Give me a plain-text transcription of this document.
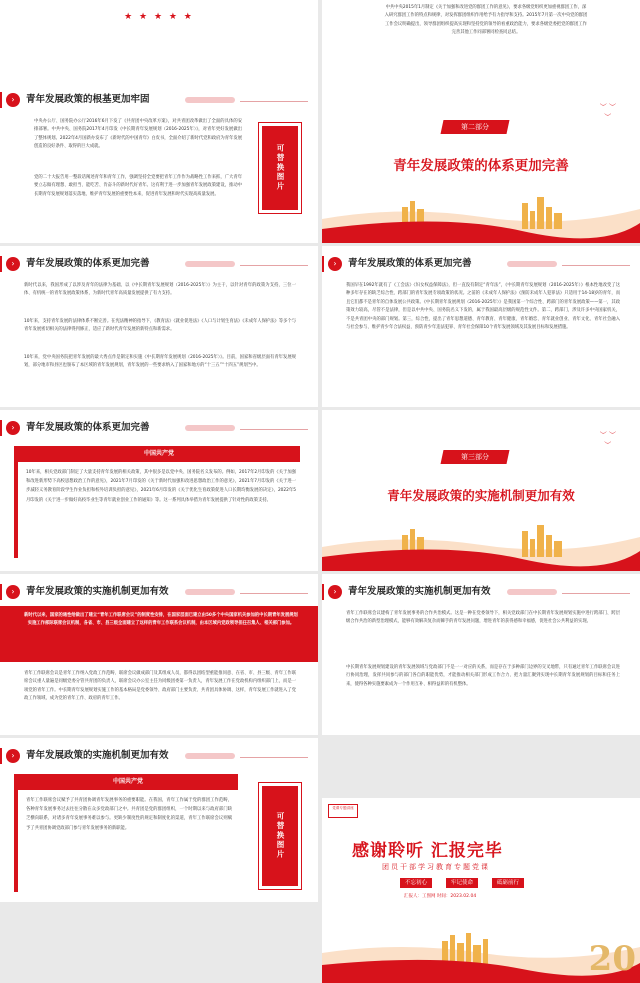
★ ★ ★ ★ ★
中共中央2015年1月制定《关于加强和改进党的群团工作的意见》，要求各级党组织更加重视群团工作，深
入研究群团工作的特点和规律，对发挥群团组织作用给予有力指导和支持。2015年7月第一次中央党的群团
工作会议明确提出，领导群团组织提高实现和坚持党的领导的看重政治能力，要求各级党委把党的群团工作
完善其他工作同部署同检查同总结。
›	青年发展政策的根基更加牢固
中央办公厅、国务院办公厅2016年6月下发了《共青团中央改革方案》，对共青团改革做出了全面的具体的安排部署。中共中央、国务院2017年4月印发《中长期青年发展规划（2016-2025年）》，对青年更好发展做出了整体规划。2022年4月国新办发布了《新时代的中国青年》白皮书，全面介绍了新时代党和政府为青年发展创造的良好条件、取得的巨大成就。
党的二十大报告用一整段话阐述青年和青年工作，强调坚持全党要把青年工作作为战略性工作来抓，广大青年要立志做有理想、敢担当、能吃苦、肯奋斗的新时代好青年。这有利于进一步加强青年发展政策建设，推动中长期青年发展规划落实落地，维护青年发展的重要性本来，促进青年发展和时代实现高质量发展。
可替换图片
︶ ︶
︶
第二部分
青年发展政策的体系更加完善
›	青年发展政策的体系更加完善
新时代以来，我国形成了以涉及青年的法律为基础、以《中长期青年发展规划（2016-2025年）》为主干，以针对青年的政策为支持，三位一体、有机统一的青年发展政策体系，为新时代青年高质量发展提供了有力支持。
10年来，支持青年发展的法律体系不断完善。在宪法精神的指导下，《教育法》《就业促进法》《人口与计划生育法》《未成年人保护法》等多个与青年发展密切相关的法律得到修正，适应了新时代青年发展的新特点和新需求。
10年来，党中央国务院把青年发展的最大秀点作是制定和实施《中长期青年发展规划（2016-2025年）》。目前，国家和省级层面有青年发展规划，部分地市和县区也颁布了本区域的青年发展规划，青年发展的一些要求纳入了国家和地方的“十三五”“十四五”规划当中。
›	青年发展政策的体系更加完善
我国早在1992年就有了《工会法》《妇女权益保障法》，但一直没有制定“青年法”，《中长期青年发展规划（2016-2025年）》根本性地改变了这种多年存在的缺乏综合性、跨部门的青年发展专项政策的状况。之前的《未成年人保护法》《预防未成年人犯罪法》只适用于14-18岁的青年，而且它们都不是青年的自体发展公共政策。《中长期青年发展规划（2016-2025年）》是我国第一个综合性、跨部门的青年发展政策——第一，其政策效力较高，尽管不是法律，但是以中共中央、国务院名义下发的，属于我国最高层级的规范性文件。第二，跨部门，涉及许多中央国家机关，不是共青团中央的部门规划。第三，综合性，提出了青年思想道德、青年教育、青年健康、青年婚恋、青年就业创业、青年文化、青年社会融入与社会参与、维护青少年合法权益、预防青少年违法犯罪、青年社会保障10个青年发展领域及其发展目标和发展措施。
›	青年发展政策的体系更加完善
中国共产党
10年来，相关党政部门制定了大量支持青年发展的相关政策，其中很多是以党中央、国务院名义发布的。例如，2017年2月印发的《关于加强和改进新形势下高校思想政治工作的意见》，2021年7月印发的《关于新时代加强和改进思想政治工作的意见》，2021年7月印发的《关于进一步减轻义务教育阶段学生作业负担和校外培训负担的意见》，2021年6月印发的《关于优化生育政策促进人口长期均衡发展的决定》，2022年5月印发的《关于进一步做好高校毕业生等青年就业创业工作的通知》等。这一系列具体举措为青年发展提供了针对性的政策支持。
︶ ︶
︶
第三部分
青年发展政策的实施机制更加有效
›	青年发展政策的实施机制更加有效
新时代以来，国家的通性给做出了建立“青年工作联席会议”的制度性安排，在国家层面已建立由50多个中央国家机关参加的中长期青年发展规划实施工作部际联席会议机制，各省、市、县三级全面建立了这样的青年工作联系会议机制，由本区域内党政领导担任召集人、相关部门参加。
青年工作联席会议是青年工作纳入党政工作范畴、联席会议做成部门及其组成人员，都得以团结型重能推同意、在省、市、县三级、青年工作联席会议重人量遍是同级党委分管共青团的负责人，联席会议办公室主任为同级团委第一负责人，青年发展工作在党政机构内组织部门上，而是一项党的青年工作。中长期青年发展规划实施工作的基本格局是党委领导、政府部门主要负责、共青团具体协调、这样，青年发展工作就进入了党政工作领域，成为党的青年工作、政府的青年工作。
›	青年发展政策的实施机制更加有效
青年工作联席会议建构了青年发展事务的合作共治模式。这是一种在党委领导下，相关党政部门在中长期青年发展规划实施中进行跨部门、跨层级合作共治的新型治理模式，能够有效解决复杂而棘手的青年发展问题，增进青年的获得感和幸福感，促进社会公共利益的实现。
中长期青年发展规划建设的青年发展领域与党政部门不是一一对应的关系，而是存在于多种部门边界的交叉地带，只有通过青年工作联席会议进行协同治理，发挥共同参与的部门各自的职能优势，才能推动相关部门形成工作合力、把力量汇聚到实现中长期青年发展规划的目标和任务上来，使得各种实施要素成为一个作用互补、相得益彰的有机整体。
›	青年发展政策的实施机制更加有效
中国共产党
青年工作联席会议赋予了共青团协调青年发展事务的重要职能。在我国，青年工作属于党的群团工作范畴，各种青年发展事务过去往往分散在众多党政部门之中。共青团是党的群团组织，一个时期以来与政府部门缺乏横向联系，对诸多青年发展事务难以参与。更缺少制度性的规定和制度化的渠道，青年工作联席会议则赋予了共青团协调党政部门参与青年发展事务的新职能。	可替换图片
党课专题讲座
感谢聆听 汇报完毕
团员干部学习教育专题党课
不忘初心	牢记使命	砥砺前行
汇报人：工图网 时间：2023.02.04
20
